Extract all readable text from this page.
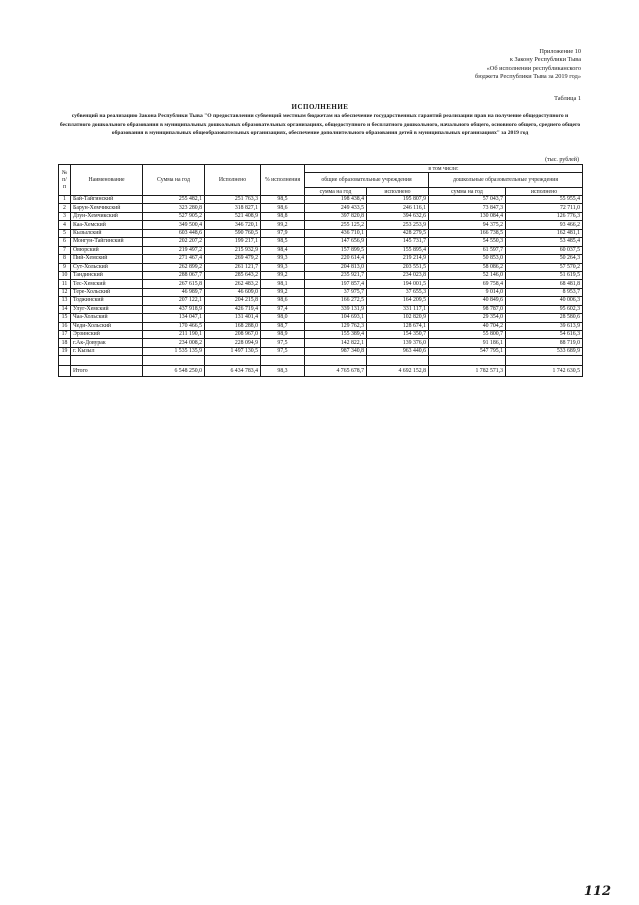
Приложение 10
к Закону Республики Тыва
«Об исполнении республиканского
бюджета Республики Тыва за 2019 год»
Таблица 1
ИСПОЛНЕНИЕ
субвенций на реализацию Закона Республики Тыва "О предоставлении субвенций местным бюджетам на обеспечение государственных гарантий реализации прав на получение общедоступного и бесплатного дошкольного образования в муниципальных дошкольных образовательных организациях, общедоступного и бесплатного дошкольного, начального общего, основного общего, среднего общего образования в муниципальных общеобразовательных организациях, обеспечение дополнительного образования детей в муниципальных организациях" за 2019 год
(тыс. рублей)
№ п/п	Наименование	Сумма на год	Исполнено	% исполнения	в том числе:			
					общие образовательные учреждения		дошкольные образовательные учреждения	
					сумма на год	исполнено	сумма на год	исполнено
1	Бай-Тайгинский	255 482,1	251 763,3	98,5	198 438,4	195 807,9	57 043,7	55 955,4
2	Барун-Хемчикский	323 280,8	318 827,1	98,6	249 433,5	246 116,1	73 847,3	72 711,0
3	Дзун-Хемчикский	527 905,2	521 408,9	98,8	397 820,8	394 632,6	130 084,4	126 776,3
4	Каа-Хемский	349 500,4	346 720,1	99,2	255 125,2	253 253,9	94 375,2	93 466,2
5	Кызылский	603 448,6	590 760,5	97,9	436 710,1	428 279,5	166 738,5	162 481,1
6	Монгун-Тайгинский	202 207,2	199 217,1	98,5	147 656,9	145 731,7	54 550,3	53 485,4
7	Овюрский	219 497,2	215 932,9	98,4	157 899,5	155 895,4	61 597,7	60 037,5
8	Пий-Хемский	271 467,4	269 479,2	99,3	220 614,4	219 214,9	50 853,0	50 264,3
9	Сут-Хольский	262 899,2	261 121,7	99,3	204 813,0	203 551,5	58 086,2	57 570,2
10	Тандинский	288 067,7	285 643,2	99,2	235 921,7	234 023,8	52 146,0	51 619,5
11	Тес-Хемский	267 615,8	262 483,2	98,1	197 857,4	194 001,5	69 758,4	68 481,8
12	Тере-Хольский	46 989,7	46 609,0	99,2	37 975,7	37 655,3	9 014,0	8 953,7
13	Тоджинский	207 122,1	204 215,8	98,6	166 272,5	164 209,5	40 849,6	40 006,3
14	Улуг-Хемский	437 918,9	426 719,4	97,4	339 131,9	331 117,1	98 787,0	95 602,3
15	Чаа-Хольский	134 047,1	131 401,4	98,0	104 693,1	102 820,9	29 354,0	28 580,6
16	Чеди-Хольский	170 466,5	168 288,0	98,7	129 762,3	128 674,1	40 704,2	39 613,9
17	Эрзинский	211 190,1	208 967,0	98,9	155 389,4	154 350,7	55 800,7	54 616,3
18	г.Ак-Довурак	234 008,2	228 094,9	97,5	142 822,1	139 376,0	91 186,1	88 719,0
19	г. Кызыл	1 535 135,9	1 497 130,5	97,5	987 340,8	963 440,6	547 795,1	533 689,9

	Итого	6 548 250,0	6 434 783,4	98,3	4 765 678,7	4 692 152,8	1 782 571,3	1 742 630,5
112
